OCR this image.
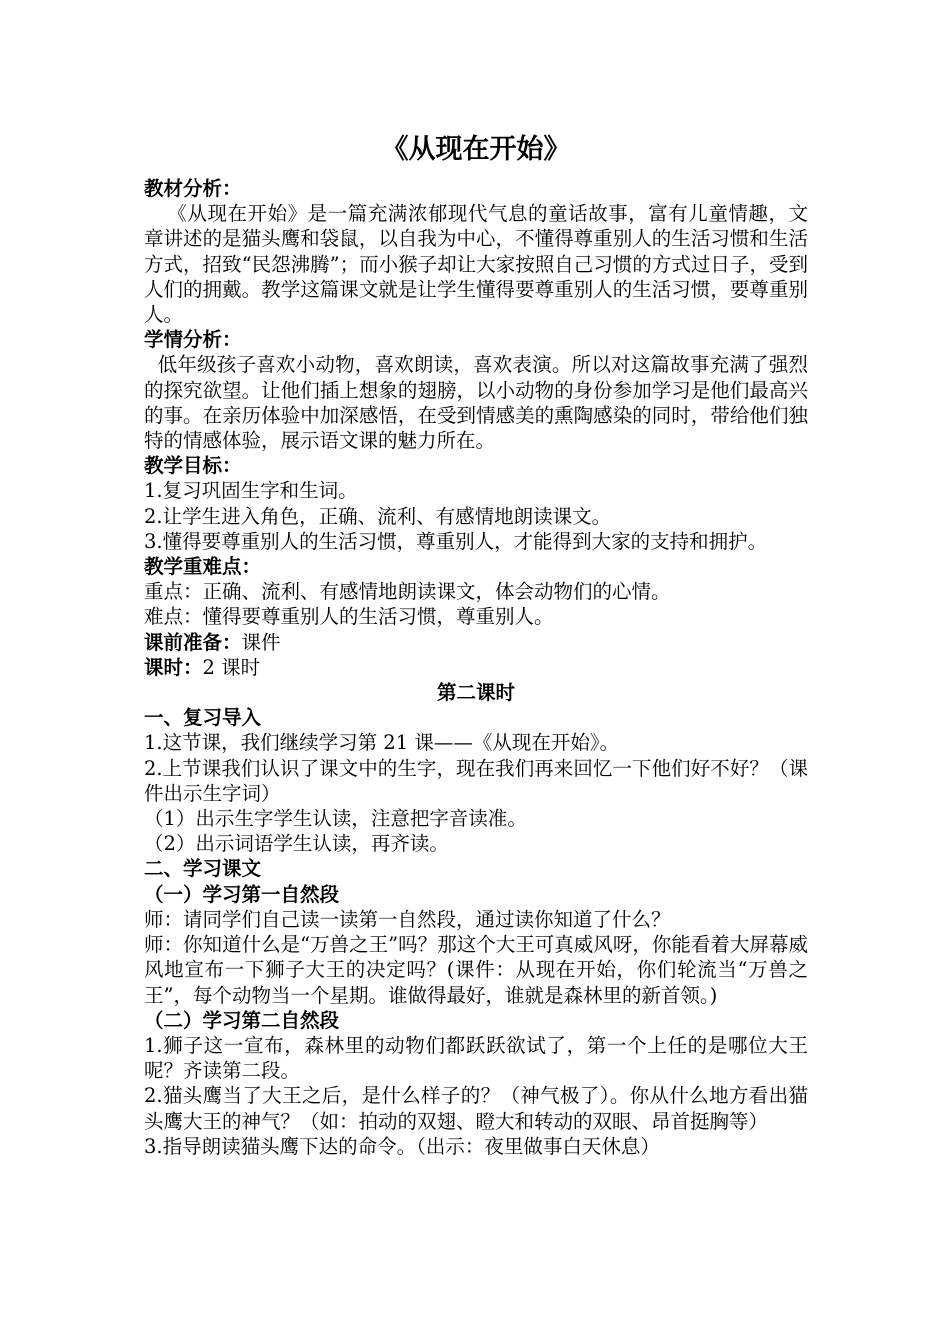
《从现在开始》

教材分析：

《从现在开始》是一篇充满浓郁现代气息的童话故事，富有儿童情趣，文章讲述的是猫头鹰和袋鼠，以自我为中心，不懂得尊重别人的生活习惯和生活方式，招致“民怨沸腾”；而小猴子却让大家按照自己习惯的方式过日子，受到人们的拥戴。教学这篇课文就是让学生懂得要尊重别人的生活习惯，要尊重别人。

学情分析：

低年级孩子喜欢小动物，喜欢朗读，喜欢表演。所以对这篇故事充满了强烈的探究欲望。让他们插上想象的翅膀，以小动物的身份参加学习是他们最高兴的事。在亲历体验中加深感悟，在受到情感美的熏陶感染的同时，带给他们独特的情感体验，展示语文课的魅力所在。

教学目标：

1.复习巩固生字和生词。

2.让学生进入角色，正确、流利、有感情地朗读课文。

3.懂得要尊重别人的生活习惯，尊重别人，才能得到大家的支持和拥护。

教学重难点：

重点：正确、流利、有感情地朗读课文，体会动物们的心情。

难点：懂得要尊重别人的生活习惯，尊重别人。

课前准备：课件

课时：2 课时

第二课时

一、复习导入

1.这节课，我们继续学习第 21 课——《从现在开始》。

2.上节课我们认识了课文中的生字，现在我们再来回忆一下他们好不好？（课件出示生字词）

（1）出示生字学生认读，注意把字音读准。

（2）出示词语学生认读，再齐读。

二、学习课文

（一）学习第一自然段

师：请同学们自己读一读第一自然段，通过读你知道了什么？

师：你知道什么是“万兽之王”吗？那这个大王可真威风呀，你能看着大屏幕威风地宣布一下狮子大王的决定吗？(课件：从现在开始，你们轮流当“万兽之王”，每个动物当一个星期。谁做得最好，谁就是森林里的新首领。)

（二）学习第二自然段

1.狮子这一宣布，森林里的动物们都跃跃欲试了，第一个上任的是哪位大王呢？齐读第二段。

2.猫头鹰当了大王之后，是什么样子的？（神气极了）。你从什么地方看出猫头鹰大王的神气？（如：拍动的双翅、瞪大和转动的双眼、昂首挺胸等）

3.指导朗读猫头鹰下达的命令。（出示：夜里做事白天休息）
